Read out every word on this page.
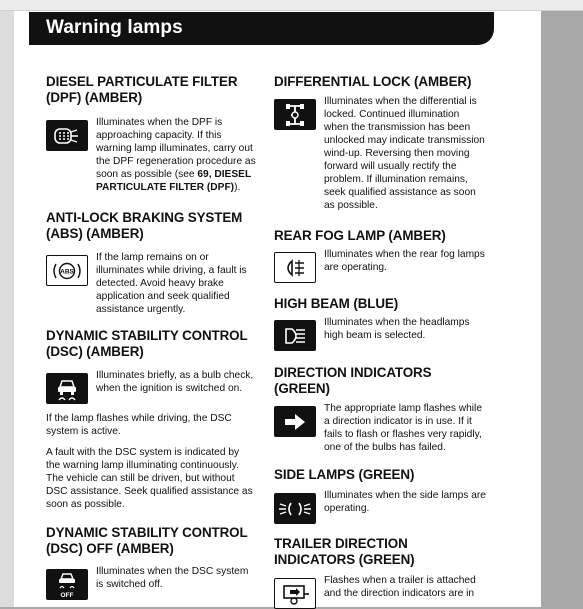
Warning lamps

DIESEL PARTICULATE FILTER (DPF) (AMBER)

Illuminates when the DPF is approaching capacity. If this warning lamp illuminates, carry out the DPF regeneration procedure as soon as possible (see 69, DIESEL PARTICULATE FILTER (DPF)).

ANTI-LOCK BRAKING SYSTEM (ABS) (AMBER)

ABS
If the lamp remains on or illuminates while driving, a fault is detected. Avoid heavy brake application and seek qualified assistance urgently.

DYNAMIC STABILITY CONTROL (DSC) (AMBER)

Illuminates briefly, as a bulb check, when the ignition is switched on.
If the lamp flashes while driving, the DSC system is active.
A fault with the DSC system is indicated by the warning lamp illuminating continuously. The vehicle can still be driven, but without DSC assistance. Seek qualified assistance as soon as possible.

DYNAMIC STABILITY CONTROL (DSC) OFF (AMBER)

OFF
Illuminates when the DSC system is switched off.

DIFFERENTIAL LOCK (AMBER)

Illuminates when the differential is locked. Continued illumination when the transmission has been unlocked may indicate transmission wind-up. Reversing then moving forward will usually rectify the problem. If illumination remains, seek qualified assistance as soon as possible.

REAR FOG LAMP (AMBER)

Illuminates when the rear fog lamps are operating.

HIGH BEAM (BLUE)

Illuminates when the headlamps high beam is selected.

DIRECTION INDICATORS (GREEN)

The appropriate lamp flashes while a direction indicator is in use. If it fails to flash or flashes very rapidly, one of the bulbs has failed.

SIDE LAMPS (GREEN)

Illuminates when the side lamps are operating.

TRAILER DIRECTION INDICATORS (GREEN)

Flashes when a trailer is attached and the direction indicators are in
